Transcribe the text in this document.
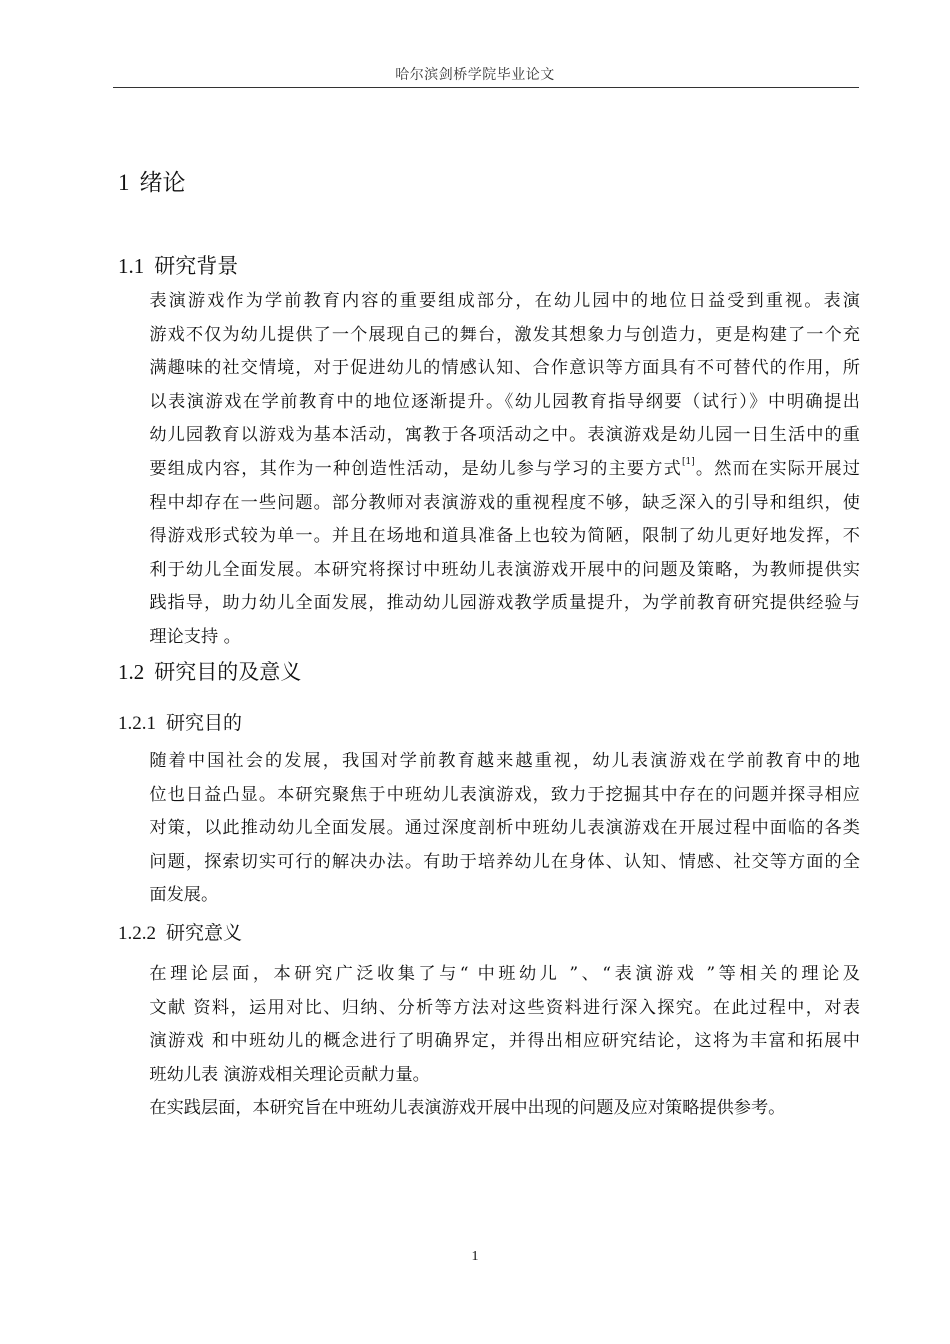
哈尔滨剑桥学院毕业论文
1 绪论
1.1 研究背景
表演游戏作为学前教育内容的重要组成部分，在幼儿园中的地位日益受到重视。表演
游戏不仅为幼儿提供了一个展现自己的舞台，激发其想象力与创造力，更是构建了一个充
满趣味的社交情境，对于促进幼儿的情感认知、合作意识等方面具有不可替代的作用，所
以表演游戏在学前教育中的地位逐渐提升。《幼儿园教育指导纲要（试行）》中明确提出
幼儿园教育以游戏为基本活动，寓教于各项活动之中。表演游戏是幼儿园一日生活中的重
要组成内容，其作为一种创造性活动，是幼儿参与学习的主要方式[1]。然而在实际开展过
程中却存在一些问题。部分教师对表演游戏的重视程度不够，缺乏深入的引导和组织，使
得游戏形式较为单一。并且在场地和道具准备上也较为简陋，限制了幼儿更好地发挥，不
利于幼儿全面发展。本研究将探讨中班幼儿表演游戏开展中的问题及策略，为教师提供实
践指导，助力幼儿全面发展，推动幼儿园游戏教学质量提升，为学前教育研究提供经验与
理论支持 。
1.2 研究目的及意义
1.2.1 研究目的
随着中国社会的发展，我国对学前教育越来越重视，幼儿表演游戏在学前教育中的地
位也日益凸显。本研究聚焦于中班幼儿表演游戏，致力于挖掘其中存在的问题并探寻相应
对策，以此推动幼儿全面发展。通过深度剖析中班幼儿表演游戏在开展过程中面临的各类
问题，探索切实可行的解决办法。有助于培养幼儿在身体、认知、情感、社交等方面的全
面发展。
1.2.2 研究意义
在理论层面，本研究广泛收集了与“ 中班幼儿 ”、“表演游戏 ”等相关的理论及
文献 资料，运用对比、归纳、分析等方法对这些资料进行深入探究。在此过程中，对表
演游戏 和中班幼儿的概念进行了明确界定，并得出相应研究结论，这将为丰富和拓展中
班幼儿表 演游戏相关理论贡献力量。
在实践层面，本研究旨在中班幼儿表演游戏开展中出现的问题及应对策略提供参考。
1
